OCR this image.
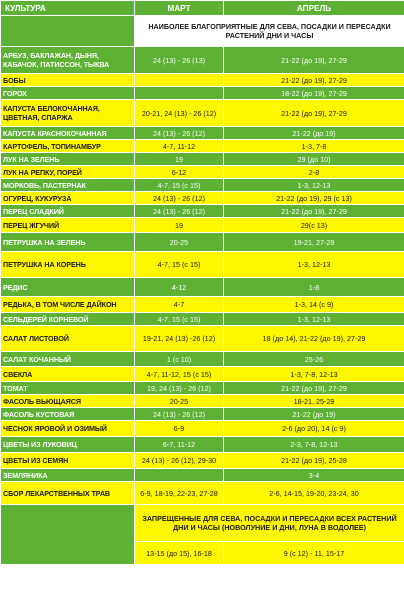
КУЛЬТУРА	МАРТ	АПРЕЛЬ
	НАИБОЛЕЕ БЛАГОПРИЯТНЫЕ ДЛЯ СЕВА, ПОСАДКИ И ПЕРЕСАДКИ РАСТЕНИЙ ДНИ И ЧАСЫ	
АРБУЗ, БАКЛАЖАН, ДЫНЯ, КАБАЧОК, ПАТИССОН, ТЫКВА	24 (13) - 26 (13)	21-22 (до 19), 27-29
БОБЫ		21-22 (до 19), 27-29
ГОРОХ		18-22 (до 19), 27-29
КАПУСТА БЕЛОКОЧАННАЯ, ЦВЕТНАЯ, СПАРЖА	20-21, 24 (13) - 26 (12)	21-22 (до 19), 27-29
КАПУСТА КРАСНОКОЧАННАЯ	24 (13) - 26 (12)	21-22 (до 19)
КАРТОФЕЛЬ, ТОПИНАМБУР	4-7, 11-12	1-3, 7-8
ЛУК НА ЗЕЛЕНЬ	19	29 (до 10)
ЛУК НА РЕПКУ, ПОРЕЙ	6-12	2-8
МОРКОВЬ, ПАСТЕРНАК	4-7, 15 (с 15)	1-3, 12-13
ОГУРЕЦ, КУКУРУЗА	24 (13) - 26 (12)	21-22 (до 19), 29 (с 13)
ПЕРЕЦ СЛАДКИЙ	24 (13) - 26 (12)	21-22 (до 19), 27-29
ПЕРЕЦ ЖГУЧИЙ	19	29(с 13)
ПЕТРУШКА НА ЗЕЛЕНЬ	20-25	19-21, 27-29
ПЕТРУШКА НА КОРЕНЬ	4-7, 15 (с 15)	1-3, 12-13
РЕДИС	4-12	1-8
РЕДЬКА, В ТОМ ЧИСЛЕ ДАЙКОН	4-7	1-3, 14 (с 9)
СЕЛЬДЕРЕЙ КОРНЕВОЙ	4-7, 15 (с 15)	1-3, 12-13
САЛАТ ЛИСТОВОЙ	19-21, 24 (13) -26 (12)	18 (до 14), 21-22 (до 19), 27-29
САЛАТ КОЧАННЫЙ	1 (с 10)	25-26
СВЕКЛА	4-7, 11-12, 15 (с 15)	1-3, 7-8, 12-13
ТОМАТ	19, 24 (13) - 26 (12)	21-22 (до 19), 27-29
ФАСОЛЬ ВЬЮЩАЯСЯ	20-25	18-21, 25-29
ФАСОЛЬ КУСТОВАЯ	24 (13) - 26 (12)	21-22 (до 19)
ЧЕСНОК ЯРОВОЙ И ОЗИМЫЙ	6-9	2-6 (до 20), 14 (с 9)
ЦВЕТЫ ИЗ ЛУКОВИЦ	6-7, 11-12	2-3, 7-8, 12-13
ЦВЕТЫ ИЗ СЕМЯН	24 (13) - 26 (12), 29-30	21-22 (до 19), 25-28
ЗЕМЛЯНИКА		3-4
СБОР ЛЕКАРСТВЕННЫХ ТРАВ	6-9, 18-19, 22-23, 27-28	2-6, 14-15, 19-20, 23-24, 30
	ЗАПРЕЩЕННЫЕ ДЛЯ СЕВА, ПОСАДКИ И ПЕРЕСАДКИ ВСЕХ РАСТЕНИЙ ДНИ И ЧАСЫ (НОВОЛУНИЕ И ДНИ, ЛУНА В ВОДОЛЕЕ)	
	13-15 (до 15), 16-18	9 (с 12) - 11, 15-17
